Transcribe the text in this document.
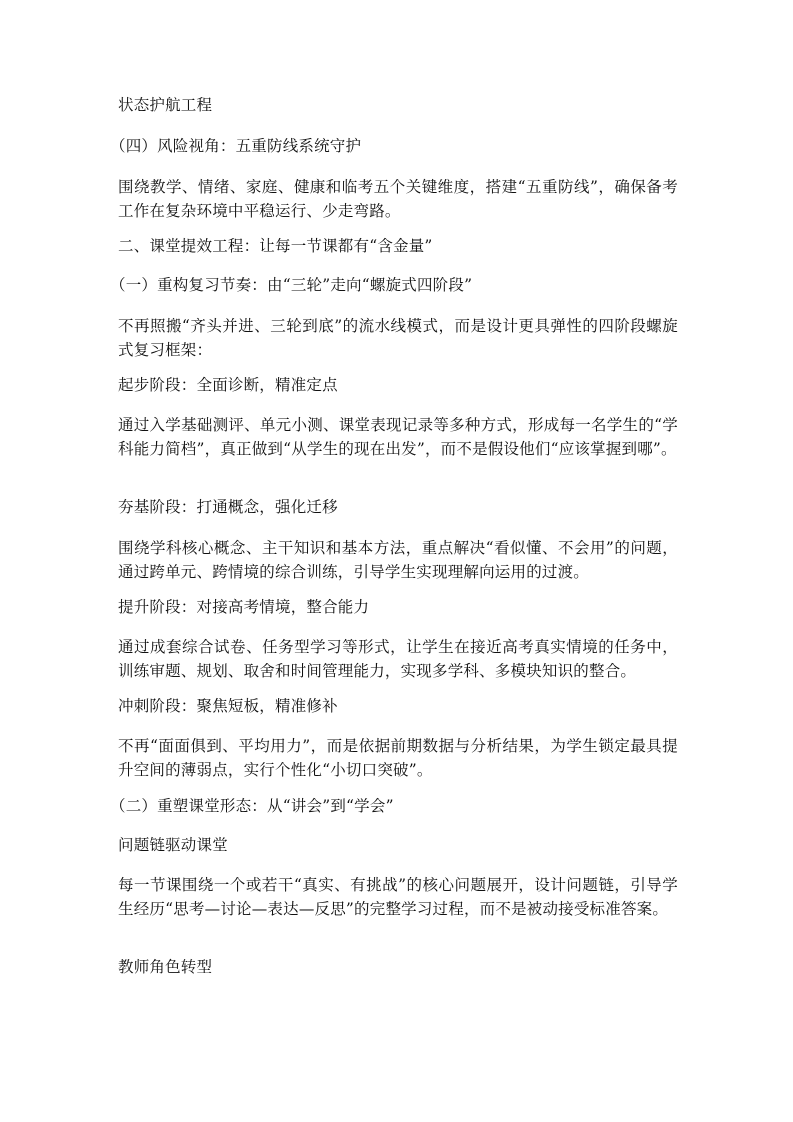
状态护航工程

（四）风险视角：五重防线系统守护

围绕教学、情绪、家庭、健康和临考五个关键维度，搭建“五重防线”，确保备考工作在复杂环境中平稳运行、少走弯路。

二、课堂提效工程：让每一节课都有“含金量”

（一）重构复习节奏：由“三轮”走向“螺旋式四阶段”

不再照搬“齐头并进、三轮到底”的流水线模式，而是设计更具弹性的四阶段螺旋式复习框架：

起步阶段：全面诊断，精准定点

通过入学基础测评、单元小测、课堂表现记录等多种方式，形成每一名学生的“学科能力简档”，真正做到“从学生的现在出发”，而不是假设他们“应该掌握到哪”。

夯基阶段：打通概念，强化迁移

围绕学科核心概念、主干知识和基本方法，重点解决“看似懂、不会用”的问题，通过跨单元、跨情境的综合训练，引导学生实现理解向运用的过渡。

提升阶段：对接高考情境，整合能力

通过成套综合试卷、任务型学习等形式，让学生在接近高考真实情境的任务中，训练审题、规划、取舍和时间管理能力，实现多学科、多模块知识的整合。

冲刺阶段：聚焦短板，精准修补

不再“面面俱到、平均用力”，而是依据前期数据与分析结果，为学生锁定最具提升空间的薄弱点，实行个性化“小切口突破”。

（二）重塑课堂形态：从“讲会”到“学会”

问题链驱动课堂

每一节课围绕一个或若干“真实、有挑战”的核心问题展开，设计问题链，引导学生经历“思考—讨论—表达—反思”的完整学习过程，而不是被动接受标准答案。

教师角色转型
